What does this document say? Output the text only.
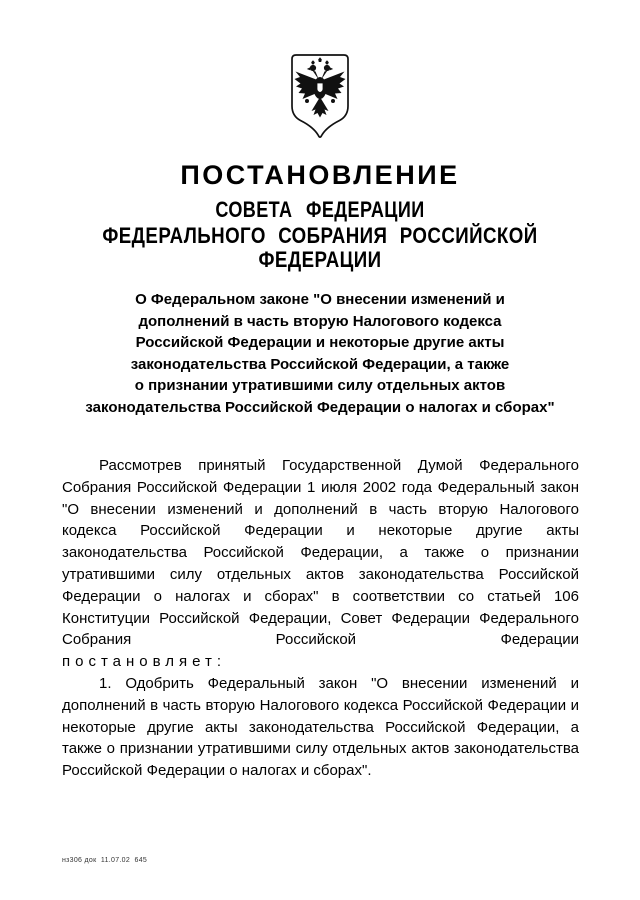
ПОСТАНОВЛЕНИЕ
СОВЕТА ФЕДЕРАЦИИ
ФЕДЕРАЛЬНОГО СОБРАНИЯ РОССИЙСКОЙ ФЕДЕРАЦИИ
О Федеральном законе "О внесении изменений и
дополнений в часть вторую Налогового кодекса
Российской Федерации и некоторые другие акты
законодательства Российской Федерации, а также
о признании утратившими силу отдельных актов
законодательства Российской Федерации о налогах и сборах"

Рассмотрев принятый Государственной Думой Федерального Собрания Российской Федерации 1 июля 2002 года Федеральный закон "О внесении изменений и дополнений в часть вторую Налогового кодекса Российской Федерации и некоторые другие акты законодательства Российской Федерации, а также о признании утратившими силу отдельных актов законодательства Российской Федерации о налогах и сборах" в соответствии со статьей 106 Конституции Российской Федерации, Совет Федерации Федерального Собрания Российской Федерации
постановляет:

1. Одобрить Федеральный закон "О внесении изменений и дополнений в часть вторую Налогового кодекса Российской Федерации и некоторые другие акты законодательства Российской Федерации, а также о признании утратившими силу отдельных актов законодательства Российской Федерации о налогах и сборах".

нз306 док  11.07.02  645
